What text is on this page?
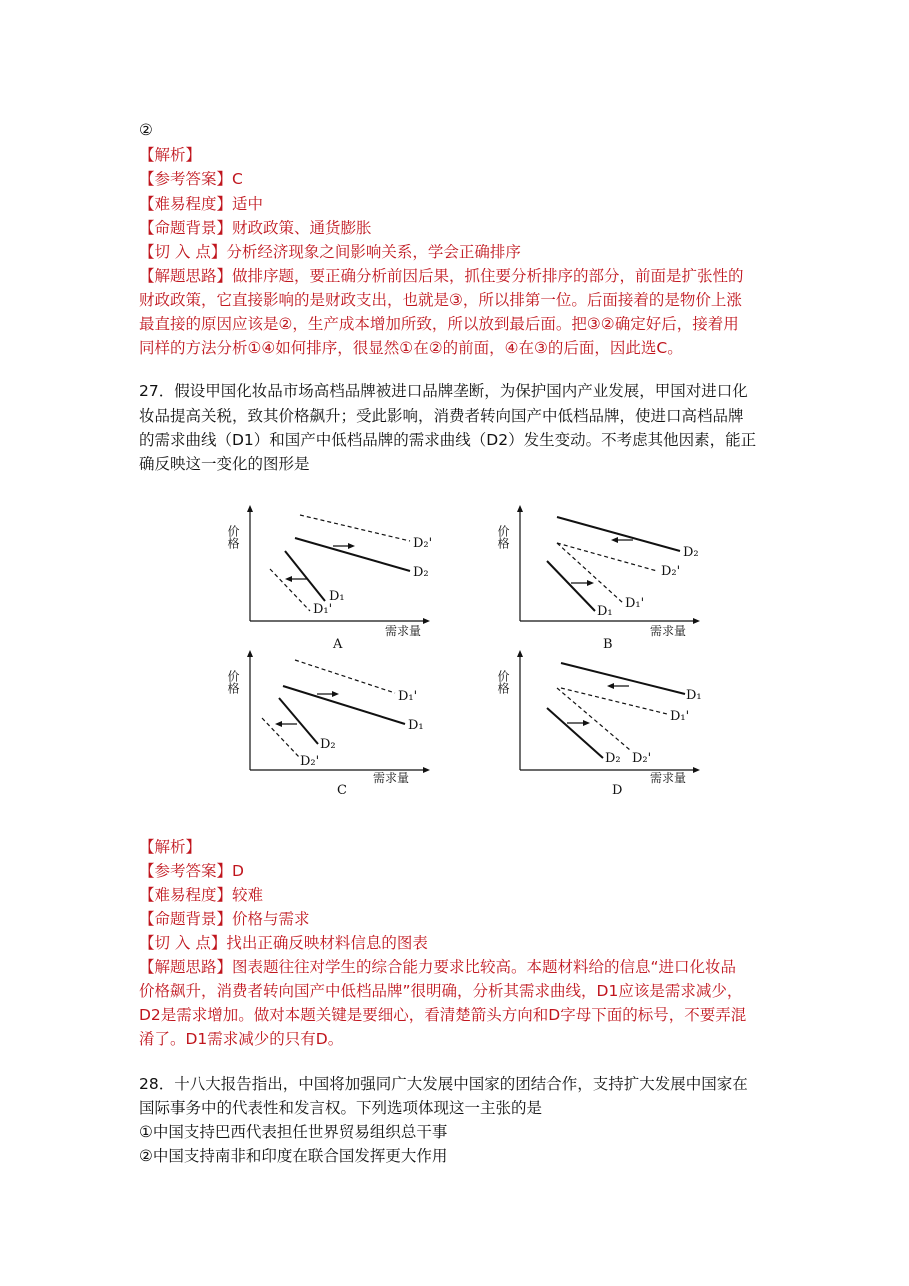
②
【解析】
【参考答案】C
【难易程度】适中
【命题背景】财政政策、通货膨胀
【切 入 点】分析经济现象之间影响关系，学会正确排序
【解题思路】做排序题，要正确分析前因后果，抓住要分析排序的部分，前面是扩张性的
财政政策，它直接影响的是财政支出，也就是③，所以排第一位。后面接着的是物价上涨
最直接的原因应该是②，生产成本增加所致，所以放到最后面。把③②确定好后，接着用
同样的方法分析①④如何排序，很显然①在②的前面，④在③的后面，因此选C。
27．假设甲国化妆品市场高档品牌被进口品牌垄断，为保护国内产业发展，甲国对进口化
妆品提高关税，致其价格飙升；受此影响，消费者转向国产中低档品牌，使进口高档品牌
的需求曲线（D1）和国产中低档品牌的需求曲线（D2）发生变动。不考虑其他因素，能正
确反映这一变化的图形是
价格
需求量
D₁
D₁'
D₂
D₂'
A
价格
需求量
D₁
D₁'
D₂
D₂'
B
价格
需求量
D₂
D₂'
D₁
D₁'
C
价格
需求量
D₂ D₂'
D₁
D₁'
D
【解析】
【参考答案】D
【难易程度】较难
【命题背景】价格与需求
【切 入 点】找出正确反映材料信息的图表
【解题思路】图表题往往对学生的综合能力要求比较高。本题材料给的信息“进口化妆品
价格飙升，消费者转向国产中低档品牌”很明确，分析其需求曲线，D1应该是需求减少，
D2是需求增加。做对本题关键是要细心，看清楚箭头方向和D字母下面的标号，不要弄混
淆了。D1需求减少的只有D。
28．十八大报告指出，中国将加强同广大发展中国家的团结合作，支持扩大发展中国家在
国际事务中的代表性和发言权。下列选项体现这一主张的是
①中国支持巴西代表担任世界贸易组织总干事
②中国支持南非和印度在联合国发挥更大作用
